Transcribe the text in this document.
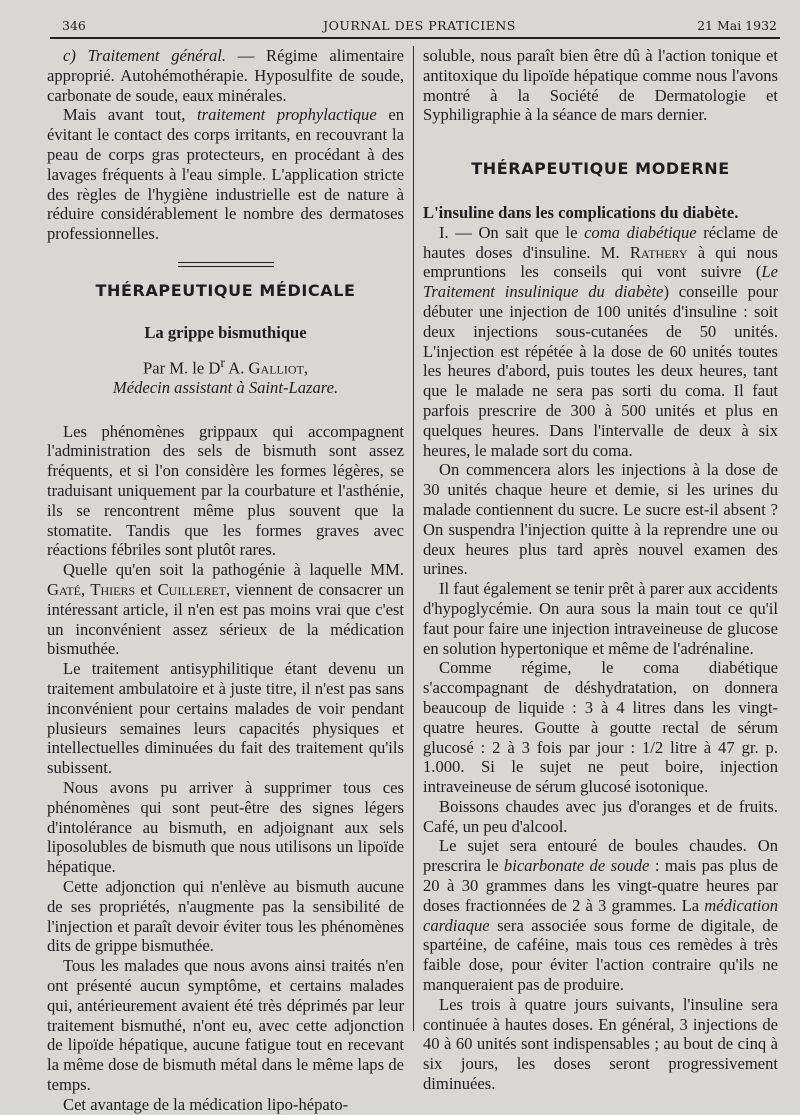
346	JOURNAL DES PRATICIENS	21 Mai 1932

c) Traitement général. — Régime alimentaire approprié. Autohémothérapie. Hyposulfite de soude, carbonate de soude, eaux minérales.

Mais avant tout, traitement prophylactique en évitant le contact des corps irritants, en recouvrant la peau de corps gras protecteurs, en procédant à des lavages fréquents à l'eau simple. L'application stricte des règles de l'hygiène industrielle est de nature à réduire considérablement le nombre des dermatoses professionnelles.

THÉRAPEUTIQUE MÉDICALE
La grippe bismuthique
Par M. le $D^r$ A. Galliot,
Médecin assistant à Saint-Lazare.

Les phénomènes grippaux qui accompagnent l'administration des sels de bismuth sont assez fréquents, et si l'on considère les formes légères, se traduisant uniquement par la courbature et l'asthénie, ils se rencontrent même plus souvent que la stomatite. Tandis que les formes graves avec réactions fébriles sont plutôt rares.

Quelle qu'en soit la pathogénie à laquelle MM. Gaté, Thiers et Cuilleret, viennent de consacrer un intéressant article, il n'en est pas moins vrai que c'est un inconvénient assez sérieux de la médication bismuthée.

Le traitement antisyphilitique étant devenu un traitement ambulatoire et à juste titre, il n'est pas sans inconvénient pour certains malades de voir pendant plusieurs semaines leurs capacités physiques et intellectuelles diminuées du fait des traitement qu'ils subissent.

Nous avons pu arriver à supprimer tous ces phénomènes qui sont peut-être des signes légers d'intolérance au bismuth, en adjoignant aux sels liposolubles de bismuth que nous utilisons un lipoïde hépatique.

Cette adjonction qui n'enlève au bismuth aucune de ses propriétés, n'augmente pas la sensibilité de l'injection et paraît devoir éviter tous les phénomènes dits de grippe bismuthée.

Tous les malades que nous avons ainsi traités n'en ont présenté aucun symptôme, et certains malades qui, antérieurement avaient été très déprimés par leur traitement bismuthé, n'ont eu, avec cette adjonction de lipoïde hépatique, aucune fatigue tout en recevant la même dose de bismuth métal dans le même laps de temps.

Cet avantage de la médication lipo-hépato-

soluble, nous paraît bien être dû à l'action tonique et antitoxique du lipoïde hépatique comme nous l'avons montré à la Société de Dermatologie et Syphiligraphie à la séance de mars dernier.

THÉRAPEUTIQUE MODERNE
L'insuline dans les complications du diabète.

I. — On sait que le coma diabétique réclame de hautes doses d'insuline. M. Rathery à qui nous empruntions les conseils qui vont suivre (Le Traitement insulinique du diabète) conseille pour débuter une injection de 100 unités d'insuline : soit deux injections sous-cutanées de 50 unités. L'injection est répétée à la dose de 60 unités toutes les heures d'abord, puis toutes les deux heures, tant que le malade ne sera pas sorti du coma. Il faut parfois prescrire de 300 à 500 unités et plus en quelques heures. Dans l'intervalle de deux à six heures, le malade sort du coma.

On commencera alors les injections à la dose de 30 unités chaque heure et demie, si les urines du malade contiennent du sucre. Le sucre est-il absent ? On suspendra l'injection quitte à la reprendre une ou deux heures plus tard après nouvel examen des urines.

Il faut également se tenir prêt à parer aux accidents d'hypoglycémie. On aura sous la main tout ce qu'il faut pour faire une injection intraveineuse de glucose en solution hypertonique et même de l'adrénaline.

Comme régime, le coma diabétique s'accompagnant de déshydratation, on donnera beaucoup de liquide : 3 à 4 litres dans les vingt-quatre heures. Goutte à goutte rectal de sérum glucosé : 2 à 3 fois par jour : 1/2 litre à 47 gr. p. 1.000. Si le sujet ne peut boire, injection intraveineuse de sérum glucosé isotonique.

Boissons chaudes avec jus d'oranges et de fruits. Café, un peu d'alcool.

Le sujet sera entouré de boules chaudes. On prescrira le bicarbonate de soude : mais pas plus de 20 à 30 grammes dans les vingt-quatre heures par doses fractionnées de 2 à 3 grammes. La médication cardiaque sera associée sous forme de digitale, de spartéine, de caféine, mais tous ces remèdes à très faible dose, pour éviter l'action contraire qu'ils ne manqueraient pas de produire.

Les trois à quatre jours suivants, l'insuline sera continuée à hautes doses. En général, 3 injections de 40 à 60 unités sont indispensables ; au bout de cinq à six jours, les doses seront progressivement diminuées.
